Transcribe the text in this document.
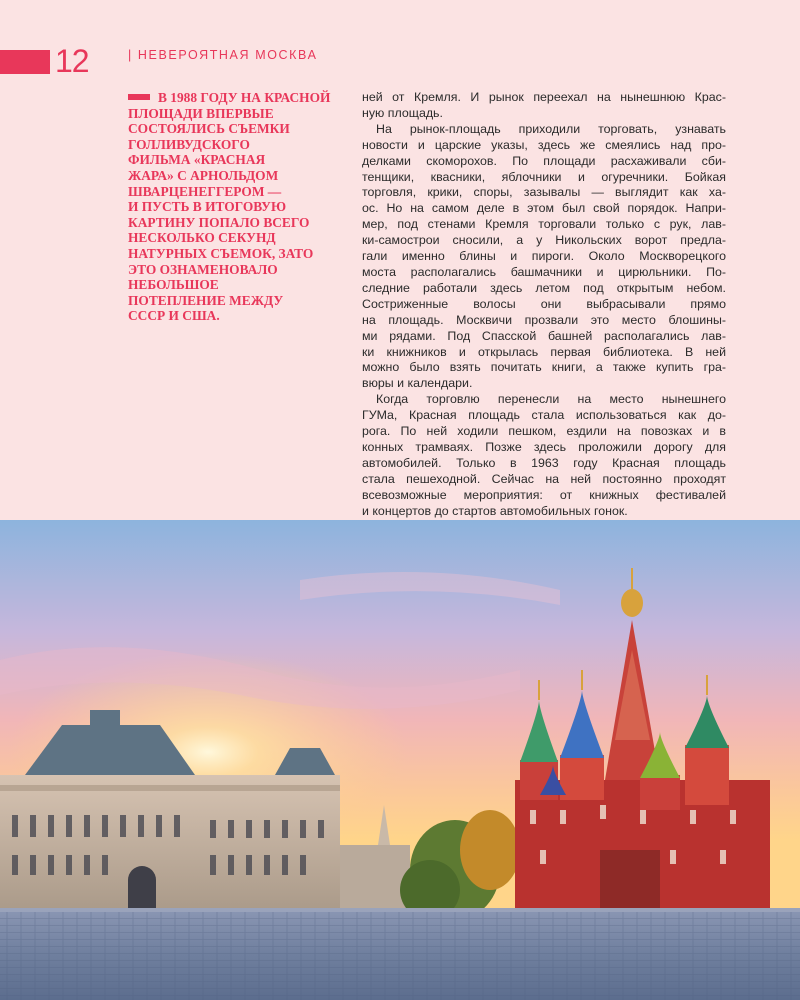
12	| НЕВЕРОЯТНАЯ МОСКВА
В 1988 ГОДУ НА КРАСНОЙ
ПЛОЩАДИ ВПЕРВЫЕ
СОСТОЯЛИСЬ СЪЕМКИ
ГОЛЛИВУДСКОГО
ФИЛЬМА «КРАСНАЯ
ЖАРА» С АРНОЛЬДОМ
ШВАРЦЕНЕГГЕРОМ —
И ПУСТЬ В ИТОГОВУЮ
КАРТИНУ ПОПАЛО ВСЕГО
НЕСКОЛЬКО СЕКУНД
НАТУРНЫХ СЪЕМОК, ЗАТО
ЭТО ОЗНАМЕНОВАЛО
НЕБОЛЬШОЕ
ПОТЕПЛЕНИЕ МЕЖДУ
СССР И США.
ней от Кремля. И рынок переехал на нынешнюю Крас-
ную площадь.
На рынок-площадь приходили торговать, узнавать
новости и царские указы, здесь же смеялись над про-
делками скоморохов. По площади расхаживали сби-
тенщики, квасники, яблочники и огуречники. Бойкая
торговля, крики, споры, зазывалы — выглядит как ха-
ос. Но на самом деле в этом был свой порядок. Напри-
мер, под стенами Кремля торговали только с рук, лав-
ки-самострои сносили, а у Никольских ворот предла-
гали именно блины и пироги. Около Москворецкого
моста располагались башмачники и цирюльники. По-
следние работали здесь летом под открытым небом.
Состриженные волосы они выбрасывали прямо
на площадь. Москвичи прозвали это место блошины-
ми рядами. Под Спасской башней располагались лав-
ки книжников и открылась первая библиотека. В ней
можно было взять почитать книги, а также купить гра-
вюры и календари.
Когда торговлю перенесли на место нынешнего
ГУМа, Красная площадь стала использоваться как до-
рога. По ней ходили пешком, ездили на повозках и в
конных трамваях. Позже здесь проложили дорогу для
автомобилей. Только в 1963 году Красная площадь
стала пешеходной. Сейчас на ней постоянно проходят
всевозможные мероприятия: от книжных фестивалей
и концертов до стартов автомобильных гонок.
